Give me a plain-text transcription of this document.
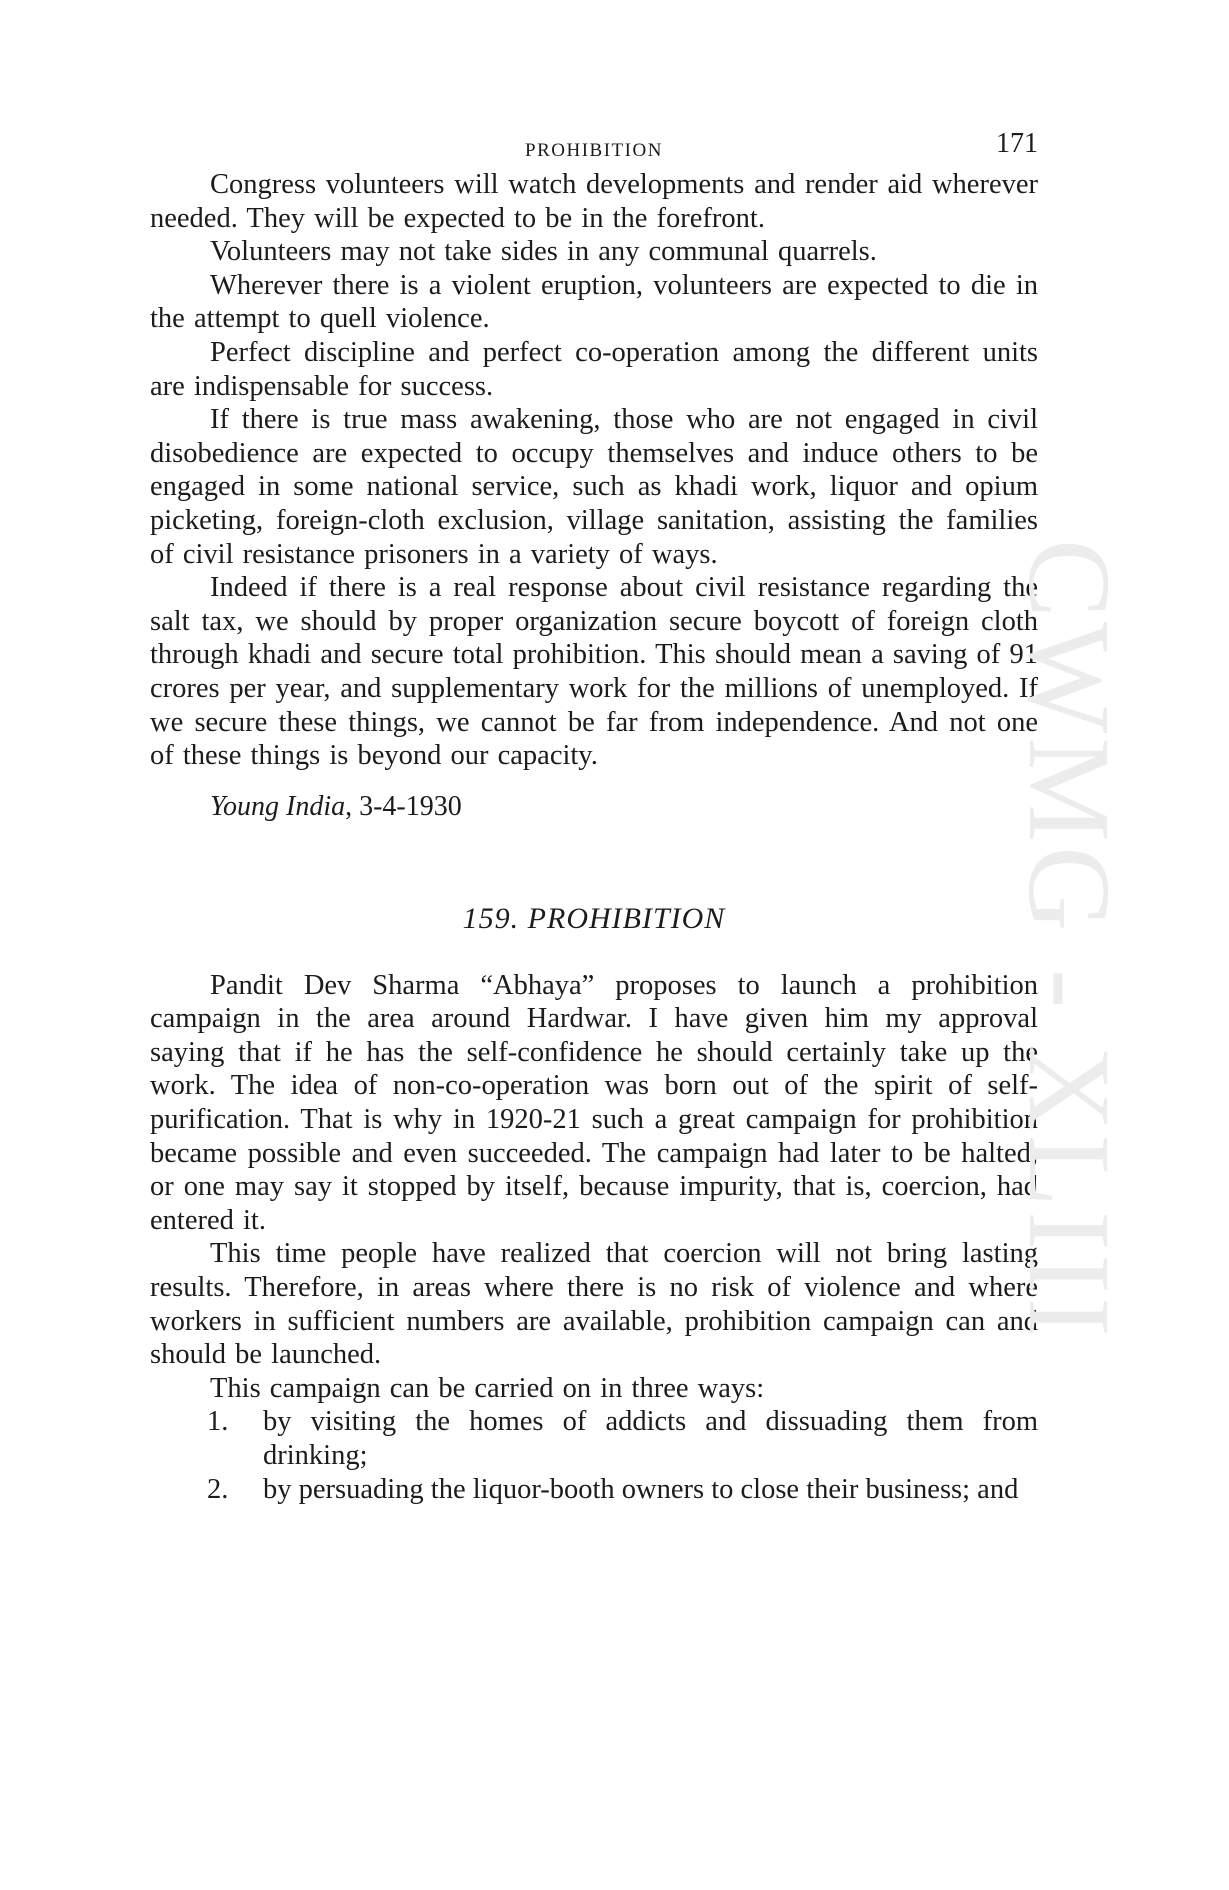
PROHIBITION	171

Congress volunteers will watch developments and render aid wherever needed. They will be expected to be in the forefront.

Volunteers may not take sides in any communal quarrels.

Wherever there is a violent eruption, volunteers are expected to die in the attempt to quell violence.

Perfect discipline and perfect co-operation among the different units are indispensable for success.

If there is true mass awakening, those who are not engaged in civil disobedience are expected to occupy themselves and induce others to be engaged in some national service, such as khadi work, liquor and opium picketing, foreign-cloth exclusion, village sanitation, assisting the families of civil resistance prisoners in a variety of ways.

Indeed if there is a real response about civil resistance regarding the salt tax, we should by proper organization secure boycott of foreign cloth through khadi and secure total prohibition. This should mean a saving of 91 crores per year, and supplementary work for the millions of unemployed. If we secure these things, we cannot be far from independence. And not one of these things is beyond our capacity.

Young India, 3-4-1930
159. PROHIBITION

Pandit Dev Sharma “Abhaya” proposes to launch a prohibition campaign in the area around Hardwar. I have given him my approval saying that if he has the self-confidence he should certainly take up the work. The idea of non-co-operation was born out of the spirit of self-purification. That is why in 1920-21 such a great campaign for prohibition became possible and even succeeded. The campaign had later to be halted, or one may say it stopped by itself, because impurity, that is, coercion, had entered it.

This time people have realized that coercion will not bring lasting results. Therefore, in areas where there is no risk of violence and where workers in sufficient numbers are available, prohibition campaign can and should be launched.

This campaign can be carried on in three ways:

1. by visiting the homes of addicts and dissuading them from drinking;
2. by persuading the liquor-booth owners to close their business; and
CWMG - XLIII
